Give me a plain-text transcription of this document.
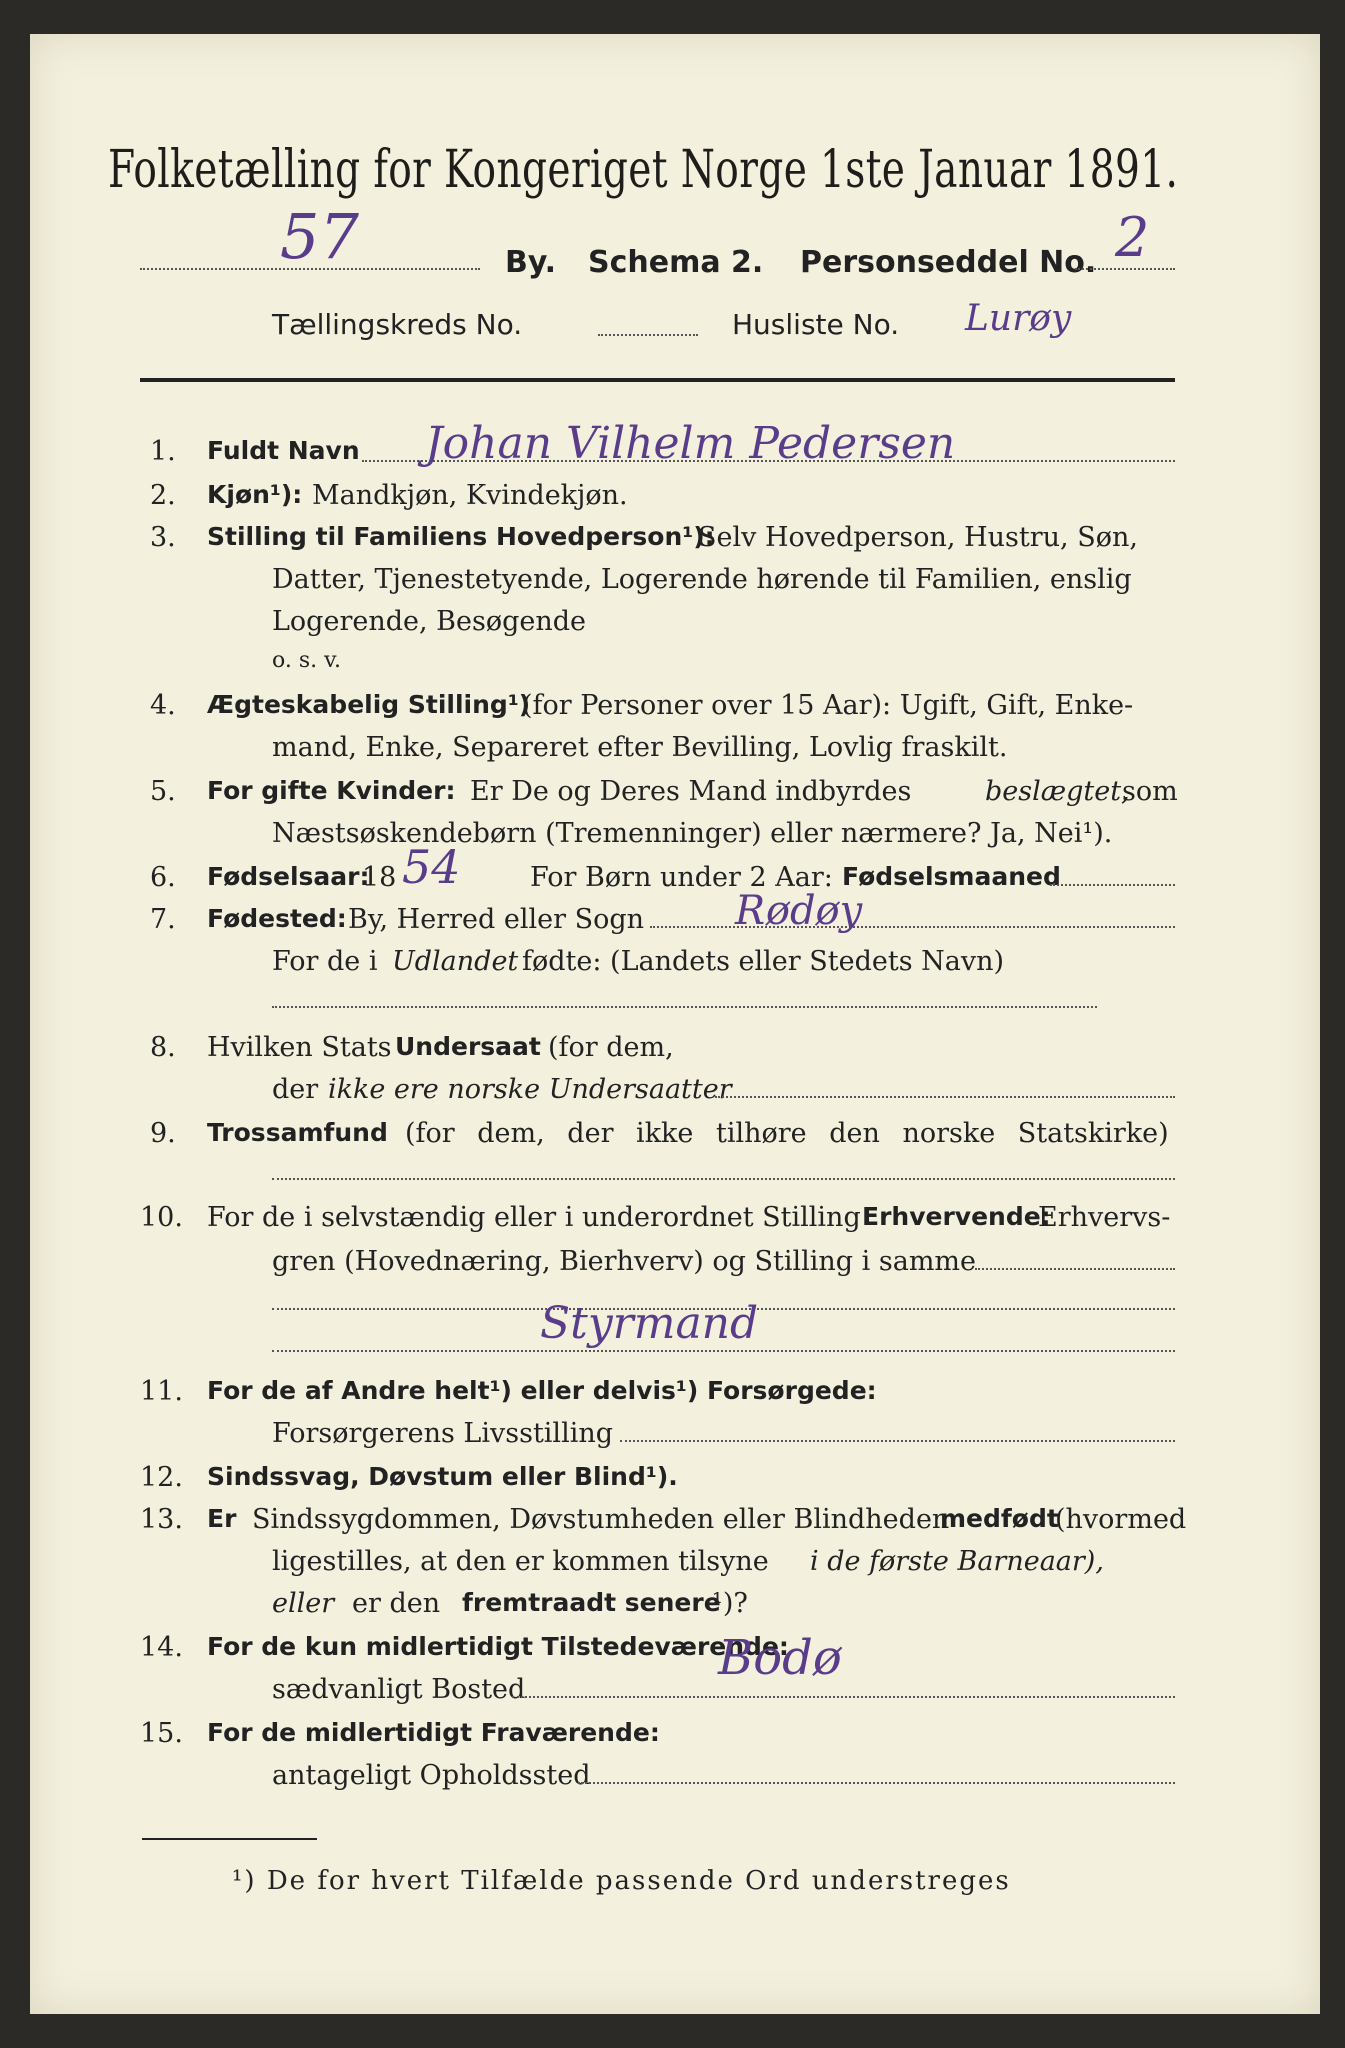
Folketælling for Kongeriget Norge 1ste Januar 1891.
57	By. Schema 2. Personseddel No. 2
Tællingskreds No.	Husliste No. Lurøy
1. Fuldt Navn Johan Vilhelm Pedersen
2. Kjøn¹): Mandkjøn, Kvindekjøn.
3. Stilling til Familiens Hovedperson¹):
Selv Hovedperson, Hustru, Søn,
Datter, Tjenestetyende, Logerende hørende til Familien, enslig
Logerende, Besøgende
o. s. v.
4. Ægteskabelig Stilling¹)
(for Personer over 15 Aar): Ugift, Gift, Enke-
mand, Enke, Separeret efter Bevilling, Lovlig fraskilt.
5. For gifte Kvinder: Er De og Deres Mand indbyrdes	beslægtet,
som
Næstsøskendebørn (Tremenninger) eller nærmere? Ja, Nei¹).
6. Fødselsaar:
18 54	For Børn under 2 Aar: Fødselsmaaned
7. Fødested: By, Herred eller Sogn Rødøy
For de i Udlandet fødte: (Landets eller Stedets Navn)
8. Hvilken Stats Undersaat (for dem,
der ikke ere norske Undersaatter
9. Trossamfund (for dem, der ikke tilhøre den norske Statskirke)
10. For de i selvstændig eller i underordnet Stilling Erhvervende:
Erhvervs-
gren (Hovednæring, Bierhverv) og Stilling i samme
Styrmand
11. For de af Andre helt¹) eller delvis¹) Forsørgede:
Forsørgerens Livsstilling
12. Sindssvag, Døvstum eller Blind¹).
13. Er Sindssygdommen, Døvstumheden eller Blindheden
medfødt
(hvormed
ligestilles, at den er kommen tilsyne i de første Barneaar),
eller er den fremtraadt senere
¹)?
14. For de kun midlertidigt Tilstedeværende:
sædvanligt Bosted
Bodø
15. For de midlertidigt Fraværende:
antageligt Opholdssted
¹) De for hvert Tilfælde passende Ord understreges
